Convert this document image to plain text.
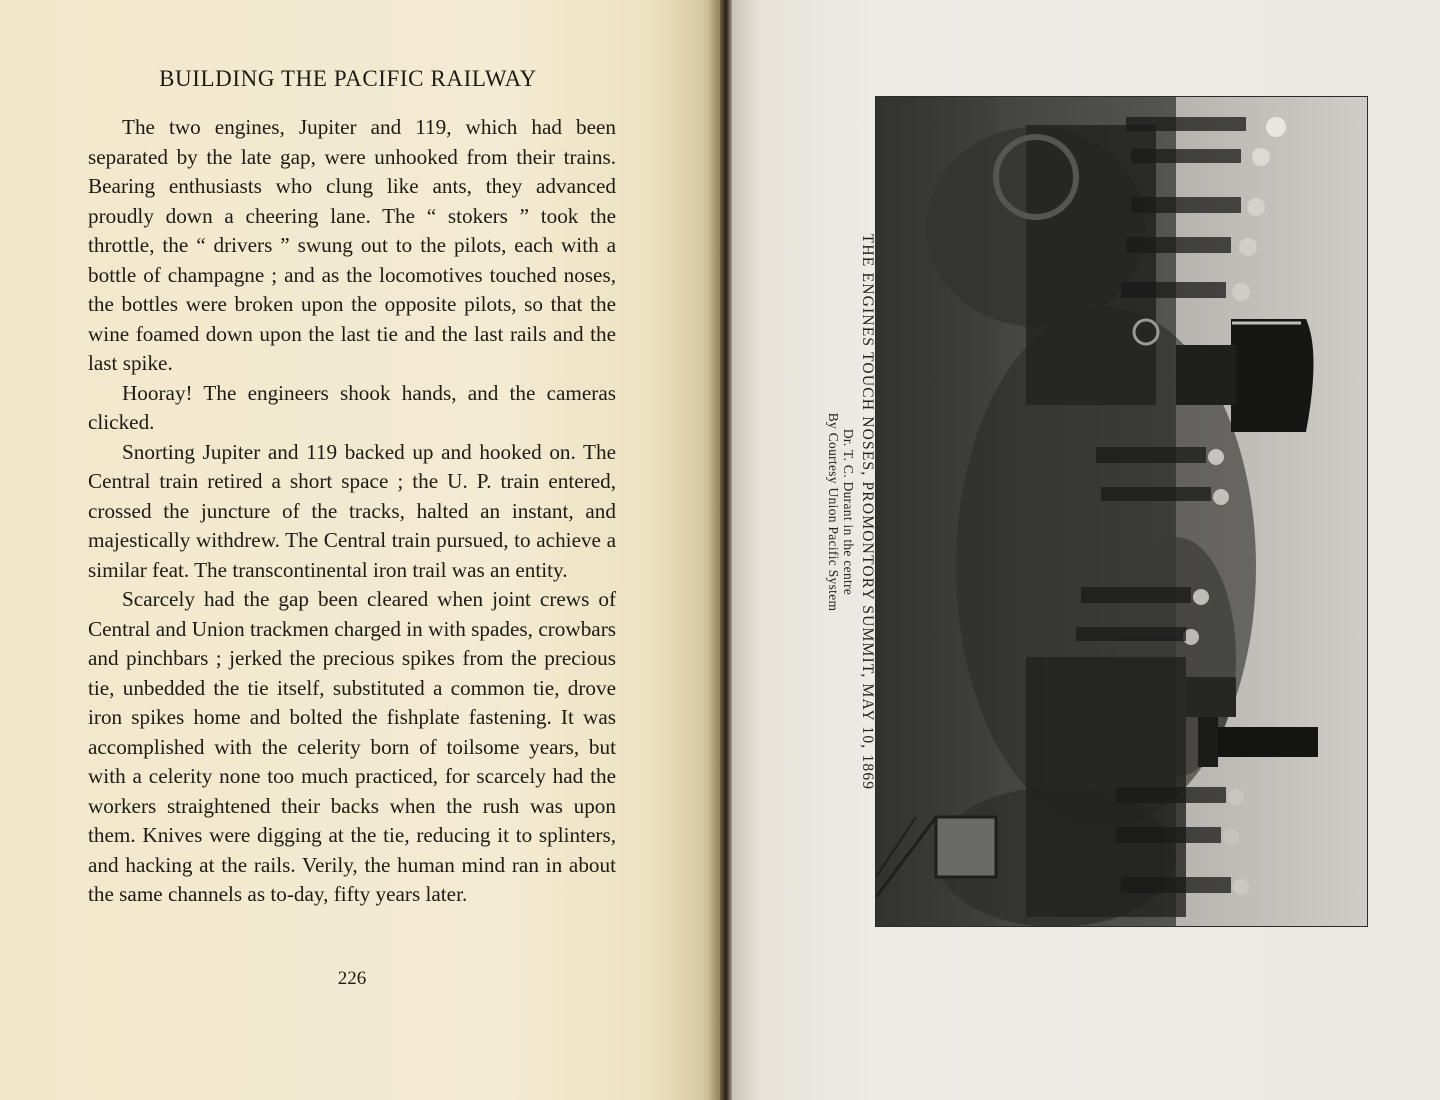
BUILDING THE PACIFIC RAILWAY

The two engines, Jupiter and 119, which had been separated by the late gap, were unhooked from their trains. Bearing enthusiasts who clung like ants, they advanced proudly down a cheering lane. The “ stokers ” took the throttle, the “ drivers ” swung out to the pilots, each with a bottle of champagne ; and as the locomotives touched noses, the bottles were broken upon the opposite pilots, so that the wine foamed down upon the last tie and the last rails and the last spike.

Hooray! The engineers shook hands, and the cameras clicked.

Snorting Jupiter and 119 backed up and hooked on. The Central train retired a short space ; the U. P. train entered, crossed the juncture of the tracks, halted an instant, and majestically withdrew. The Central train pursued, to achieve a similar feat. The transcontinental iron trail was an entity.

Scarcely had the gap been cleared when joint crews of Central and Union trackmen charged in with spades, crowbars and pinchbars ; jerked the precious spikes from the precious tie, unbedded the tie itself, substituted a common tie, drove iron spikes home and bolted the fishplate fastening. It was accomplished with the celerity born of toilsome years, but with a celerity none too much practiced, for scarcely had the workers straightened their backs when the rush was upon them. Knives were digging at the tie, reducing it to splinters, and hacking at the rails. Verily, the human mind ran in about the same channels as to-day, fifty years later.

226
THE ENGINES TOUCH NOSES, PROMONTORY SUMMIT, MAY 10, 1869
Dr. T. C. Durant in the centre
By Courtesy Union Pacific System
